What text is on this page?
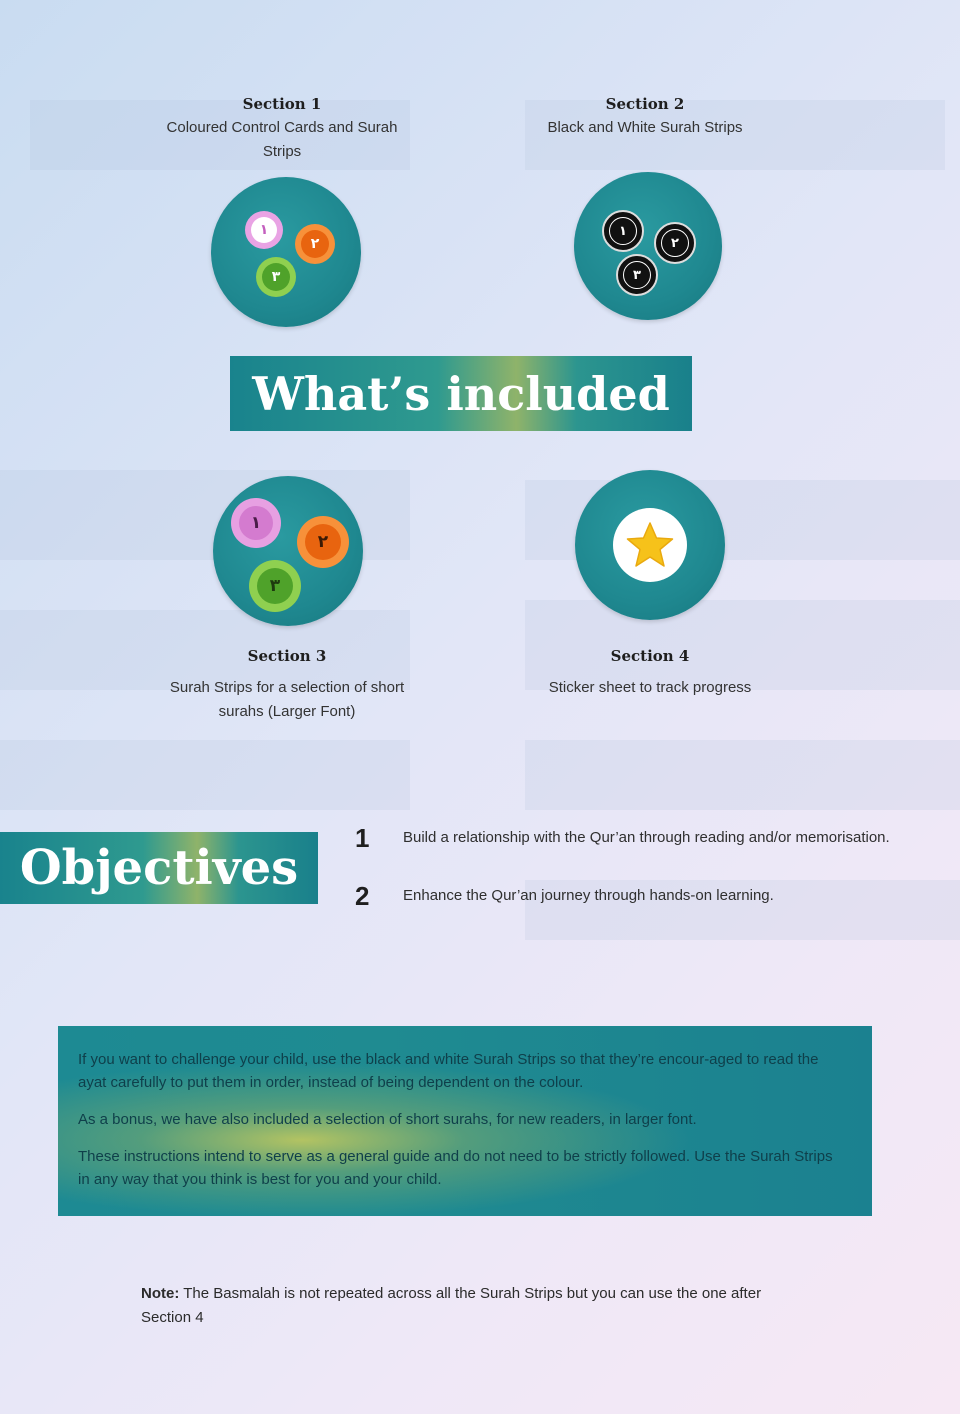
Section 1
Coloured Control Cards and Surah Strips
١
٢
٣
Section 2
Black and White Surah Strips
١
٢
٣
What’s included
١
٢
٣
Section 3
Surah Strips for a selection of short surahs (Larger Font)
Section 4
Sticker sheet to track progress
Objectives
1 Build a relationship with the Qur’an through reading and/or memorisation.
2 Enhance the Qur’an journey through hands-on learning.

If you want to challenge your child, use the black and white Surah Strips so that they’re encour-aged to read the ayat carefully to put them in order, instead of being dependent on the colour.

As a bonus, we have also included a selection of short surahs, for new readers, in larger font.

These instructions intend to serve as a general guide and do not need to be strictly followed. Use the Surah Strips in any way that you think is best for you and your child.

Note: The Basmalah is not repeated across all the Surah Strips but you can use the one after Section 4
